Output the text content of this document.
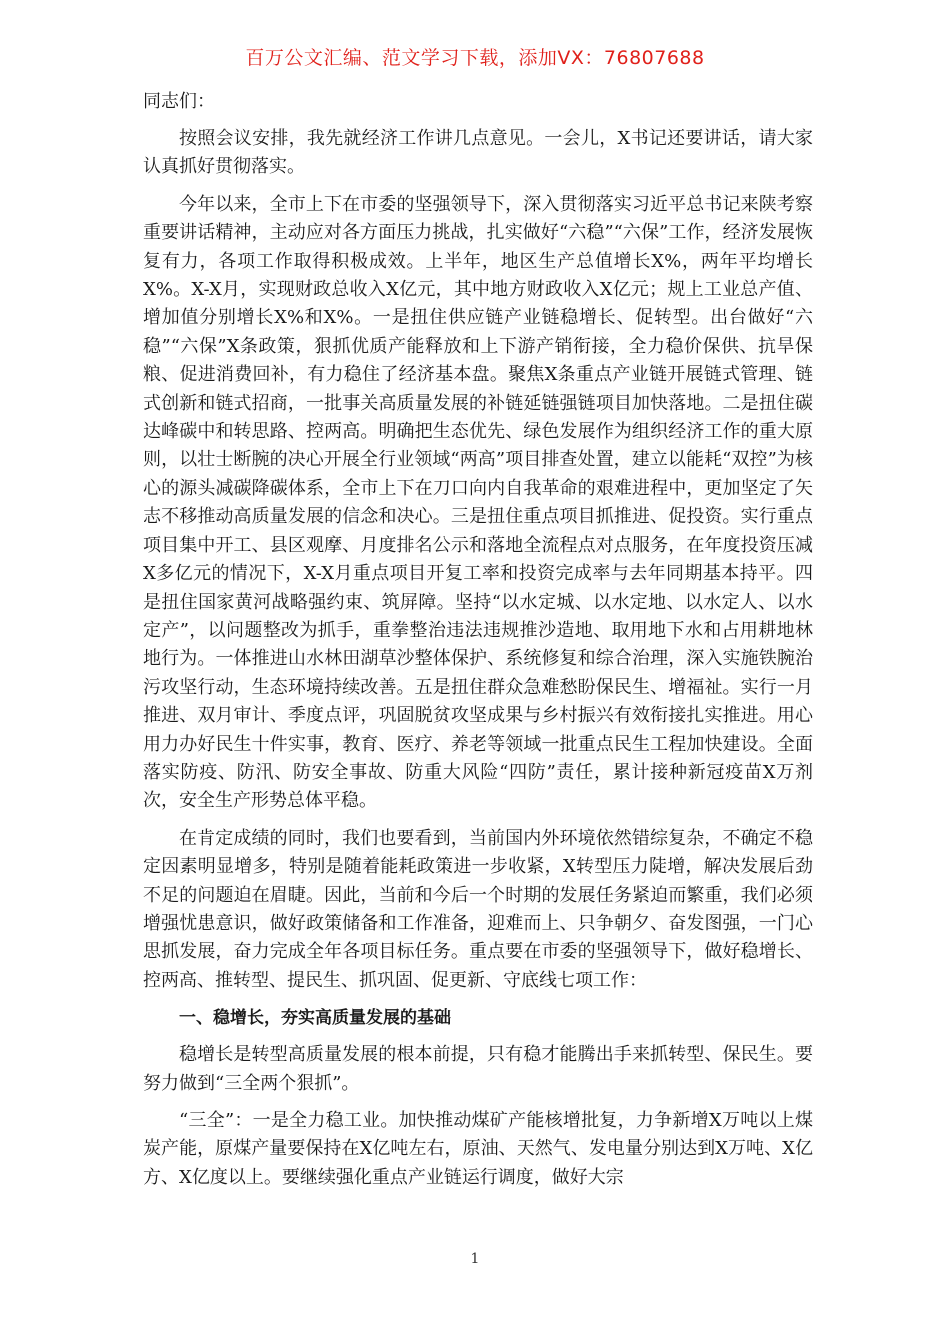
百万公文汇编、范文学习下载，添加VX：76807688

同志们：

按照会议安排，我先就经济工作讲几点意见。一会儿，X书记还要讲话，请大家认真抓好贯彻落实。

今年以来，全市上下在市委的坚强领导下，深入贯彻落实习近平总书记来陕考察重要讲话精神，主动应对各方面压力挑战，扎实做好“六稳”“六保”工作，经济发展恢复有力，各项工作取得积极成效。上半年，地区生产总值增长X%，两年平均增长X%。X-X月，实现财政总收入X亿元，其中地方财政收入X亿元；规上工业总产值、增加值分别增长X%和X%。一是扭住供应链产业链稳增长、促转型。出台做好“六稳”“六保”X条政策，狠抓优质产能释放和上下游产销衔接，全力稳价保供、抗旱保粮、促进消费回补，有力稳住了经济基本盘。聚焦X条重点产业链开展链式管理、链式创新和链式招商，一批事关高质量发展的补链延链强链项目加快落地。二是扭住碳达峰碳中和转思路、控两高。明确把生态优先、绿色发展作为组织经济工作的重大原则，以壮士断腕的决心开展全行业领域“两高”项目排查处置，建立以能耗“双控”为核心的源头减碳降碳体系，全市上下在刀口向内自我革命的艰难进程中，更加坚定了矢志不移推动高质量发展的信念和决心。三是扭住重点项目抓推进、促投资。实行重点项目集中开工、县区观摩、月度排名公示和落地全流程点对点服务，在年度投资压减X多亿元的情况下，X-X月重点项目开复工率和投资完成率与去年同期基本持平。四是扭住国家黄河战略强约束、筑屏障。坚持“以水定城、以水定地、以水定人、以水定产”，以问题整改为抓手，重拳整治违法违规推沙造地、取用地下水和占用耕地林地行为。一体推进山水林田湖草沙整体保护、系统修复和综合治理，深入实施铁腕治污攻坚行动，生态环境持续改善。五是扭住群众急难愁盼保民生、增福祉。实行一月推进、双月审计、季度点评，巩固脱贫攻坚成果与乡村振兴有效衔接扎实推进。用心用力办好民生十件实事，教育、医疗、养老等领域一批重点民生工程加快建设。全面落实防疫、防汛、防安全事故、防重大风险“四防”责任，累计接种新冠疫苗X万剂次，安全生产形势总体平稳。

在肯定成绩的同时，我们也要看到，当前国内外环境依然错综复杂，不确定不稳定因素明显增多，特别是随着能耗政策进一步收紧，X转型压力陡增，解决发展后劲不足的问题迫在眉睫。因此，当前和今后一个时期的发展任务紧迫而繁重，我们必须增强忧患意识，做好政策储备和工作准备，迎难而上、只争朝夕、奋发图强，一门心思抓发展，奋力完成全年各项目标任务。重点要在市委的坚强领导下，做好稳增长、控两高、推转型、提民生、抓巩固、促更新、守底线七项工作：

一、稳增长，夯实高质量发展的基础

稳增长是转型高质量发展的根本前提，只有稳才能腾出手来抓转型、保民生。要努力做到“三全两个狠抓”。

“三全”：一是全力稳工业。加快推动煤矿产能核增批复，力争新增X万吨以上煤炭产能，原煤产量要保持在X亿吨左右，原油、天然气、发电量分别达到X万吨、X亿方、X亿度以上。要继续强化重点产业链运行调度，做好大宗

1
